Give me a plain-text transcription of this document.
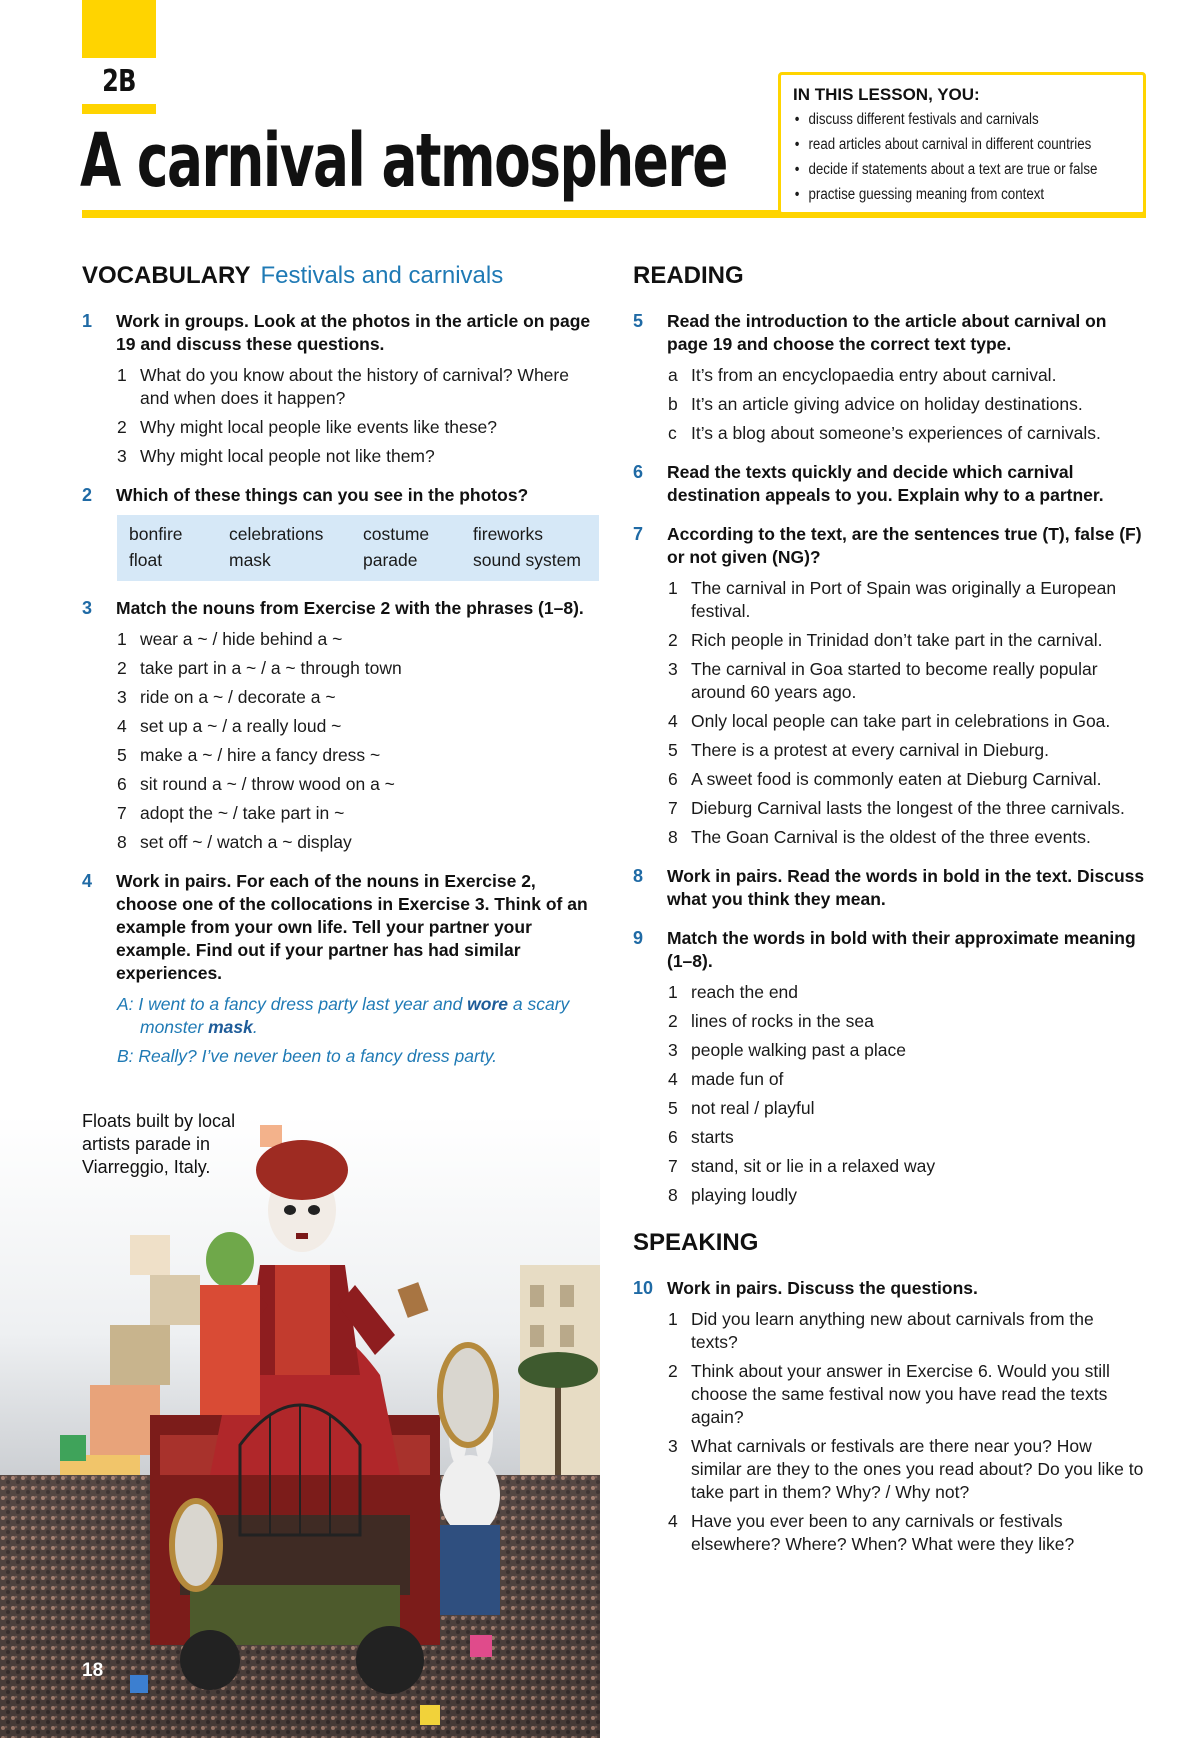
2B
A carnival atmosphere
IN THIS LESSON, YOU:
• discuss different festivals and carnivals
• read articles about carnival in different countries
• decide if statements about a text are true or false
• practise guessing meaning from context
VOCABULARY Festivals and carnivals
1	Work in groups. Look at the photos in the article on page 19 and discuss these questions.
1 What do you know about the history of carnival? Where and when does it happen?
2 Why might local people like events like these?
3 Why might local people not like them?
2	Which of these things can you see in the photos?
bonfire	celebrations	costume	fireworks
float	mask	parade	sound system
3	Match the nouns from Exercise 2 with the phrases (1–8).
1 wear a ~ / hide behind a ~
2 take part in a ~ / a ~ through town
3 ride on a ~ / decorate a ~
4 set up a ~ / a really loud ~
5 make a ~ / hire a fancy dress ~
6 sit round a ~ / throw wood on a ~
7 adopt the ~ / take part in ~
8 set off ~ / watch a ~ display
4	Work in pairs. For each of the nouns in Exercise 2, choose one of the collocations in Exercise 3. Think of an example from your own life. Tell your partner your example. Find out if your partner has had similar experiences.
A: I went to a fancy dress party last year and wore a scary monster mask.
B: Really? I’ve never been to a fancy dress party.
Floats built by local artists parade in Viarreggio, Italy.
18
READING
5	Read the introduction to the article about carnival on page 19 and choose the correct text type.
a It’s from an encyclopaedia entry about carnival.
b It’s an article giving advice on holiday destinations.
c It’s a blog about someone’s experiences of carnivals.
6	Read the texts quickly and decide which carnival destination appeals to you. Explain why to a partner.
7	According to the text, are the sentences true (T), false (F) or not given (NG)?
1 The carnival in Port of Spain was originally a European festival.
2 Rich people in Trinidad don’t take part in the carnival.
3 The carnival in Goa started to become really popular around 60 years ago.
4 Only local people can take part in celebrations in Goa.
5 There is a protest at every carnival in Dieburg.
6 A sweet food is commonly eaten at Dieburg Carnival.
7 Dieburg Carnival lasts the longest of the three carnivals.
8 The Goan Carnival is the oldest of the three events.
8	Work in pairs. Read the words in bold in the text. Discuss what you think they mean.
9	Match the words in bold with their approximate meaning (1–8).
1 reach the end
2 lines of rocks in the sea
3 people walking past a place
4 made fun of
5 not real / playful
6 starts
7 stand, sit or lie in a relaxed way
8 playing loudly
SPEAKING
10 Work in pairs. Discuss the questions.
1 Did you learn anything new about carnivals from the texts?
2 Think about your answer in Exercise 6. Would you still choose the same festival now you have read the texts again?
3 What carnivals or festivals are there near you? How similar are they to the ones you read about? Do you like to take part in them? Why? / Why not?
4 Have you ever been to any carnivals or festivals elsewhere? Where? When? What were they like?
